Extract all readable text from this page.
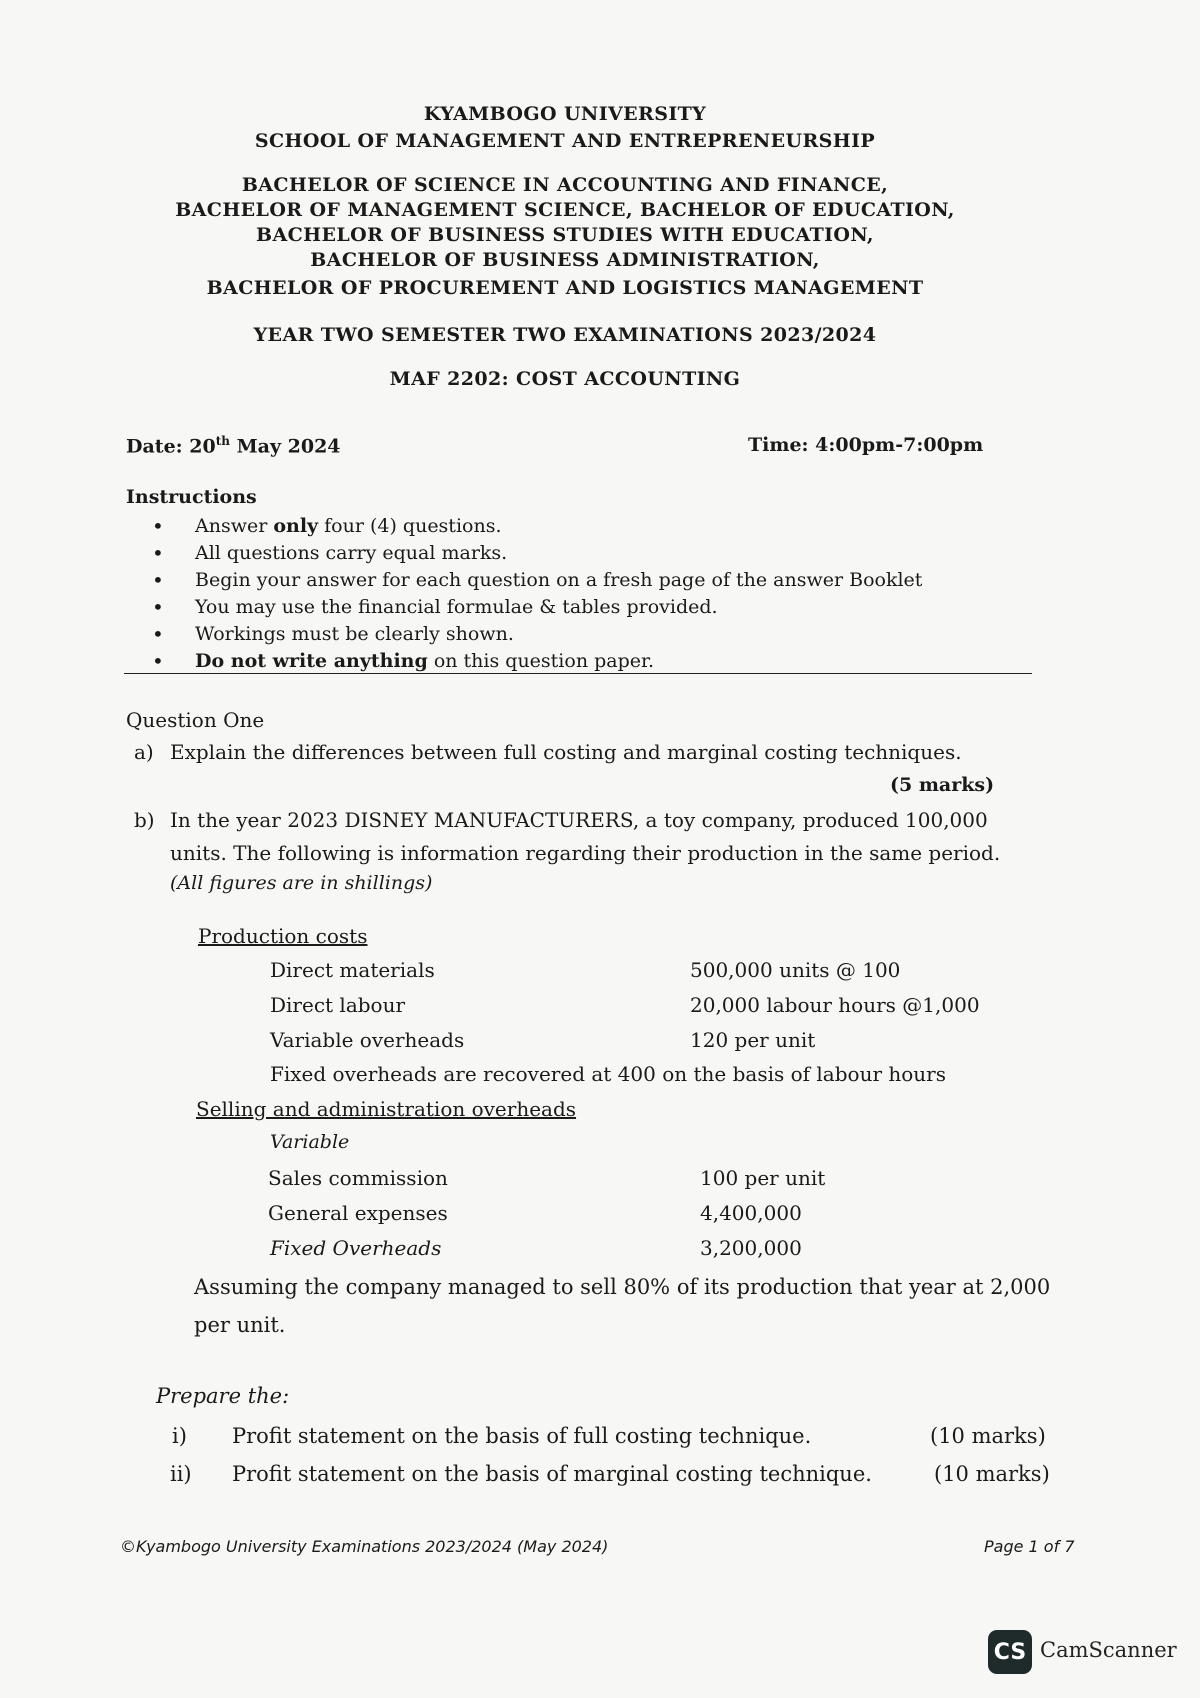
KYAMBOGO UNIVERSITY
SCHOOL OF MANAGEMENT AND ENTREPRENEURSHIP
BACHELOR OF SCIENCE IN ACCOUNTING AND FINANCE,
BACHELOR OF MANAGEMENT SCIENCE, BACHELOR OF EDUCATION,
BACHELOR OF BUSINESS STUDIES WITH EDUCATION,
BACHELOR OF BUSINESS ADMINISTRATION,
BACHELOR OF PROCUREMENT AND LOGISTICS MANAGEMENT
YEAR TWO SEMESTER TWO EXAMINATIONS 2023/2024
MAF 2202: COST ACCOUNTING
Date: 20th May 2024	Time: 4:00pm-7:00pm
Instructions
• Answer only four (4) questions.
• All questions carry equal marks.
• Begin your answer for each question on a fresh page of the answer Booklet
• You may use the financial formulae & tables provided.
• Workings must be clearly shown.
• Do not write anything on this question paper.
Question One
a) Explain the differences between full costing and marginal costing techniques.
(5 marks)
b) In the year 2023 DISNEY MANUFACTURERS, a toy company, produced 100,000
units. The following is information regarding their production in the same period.
(All figures are in shillings)
Production costs
Direct materials	500,000 units @ 100
Direct labour	20,000 labour hours @1,000
Variable overheads	120 per unit
Fixed overheads are recovered at 400 on the basis of labour hours
Selling and administration overheads
Variable
Sales commission	100 per unit
General expenses	4,400,000
Fixed Overheads	3,200,000
Assuming the company managed to sell 80% of its production that year at 2,000
per unit.
Prepare the:
i) Profit statement on the basis of full costing technique.	(10 marks)
ii) Profit statement on the basis of marginal costing technique.	(10 marks)
©Kyambogo University Examinations 2023/2024 (May 2024)	Page 1 of 7
CS CamScanner
